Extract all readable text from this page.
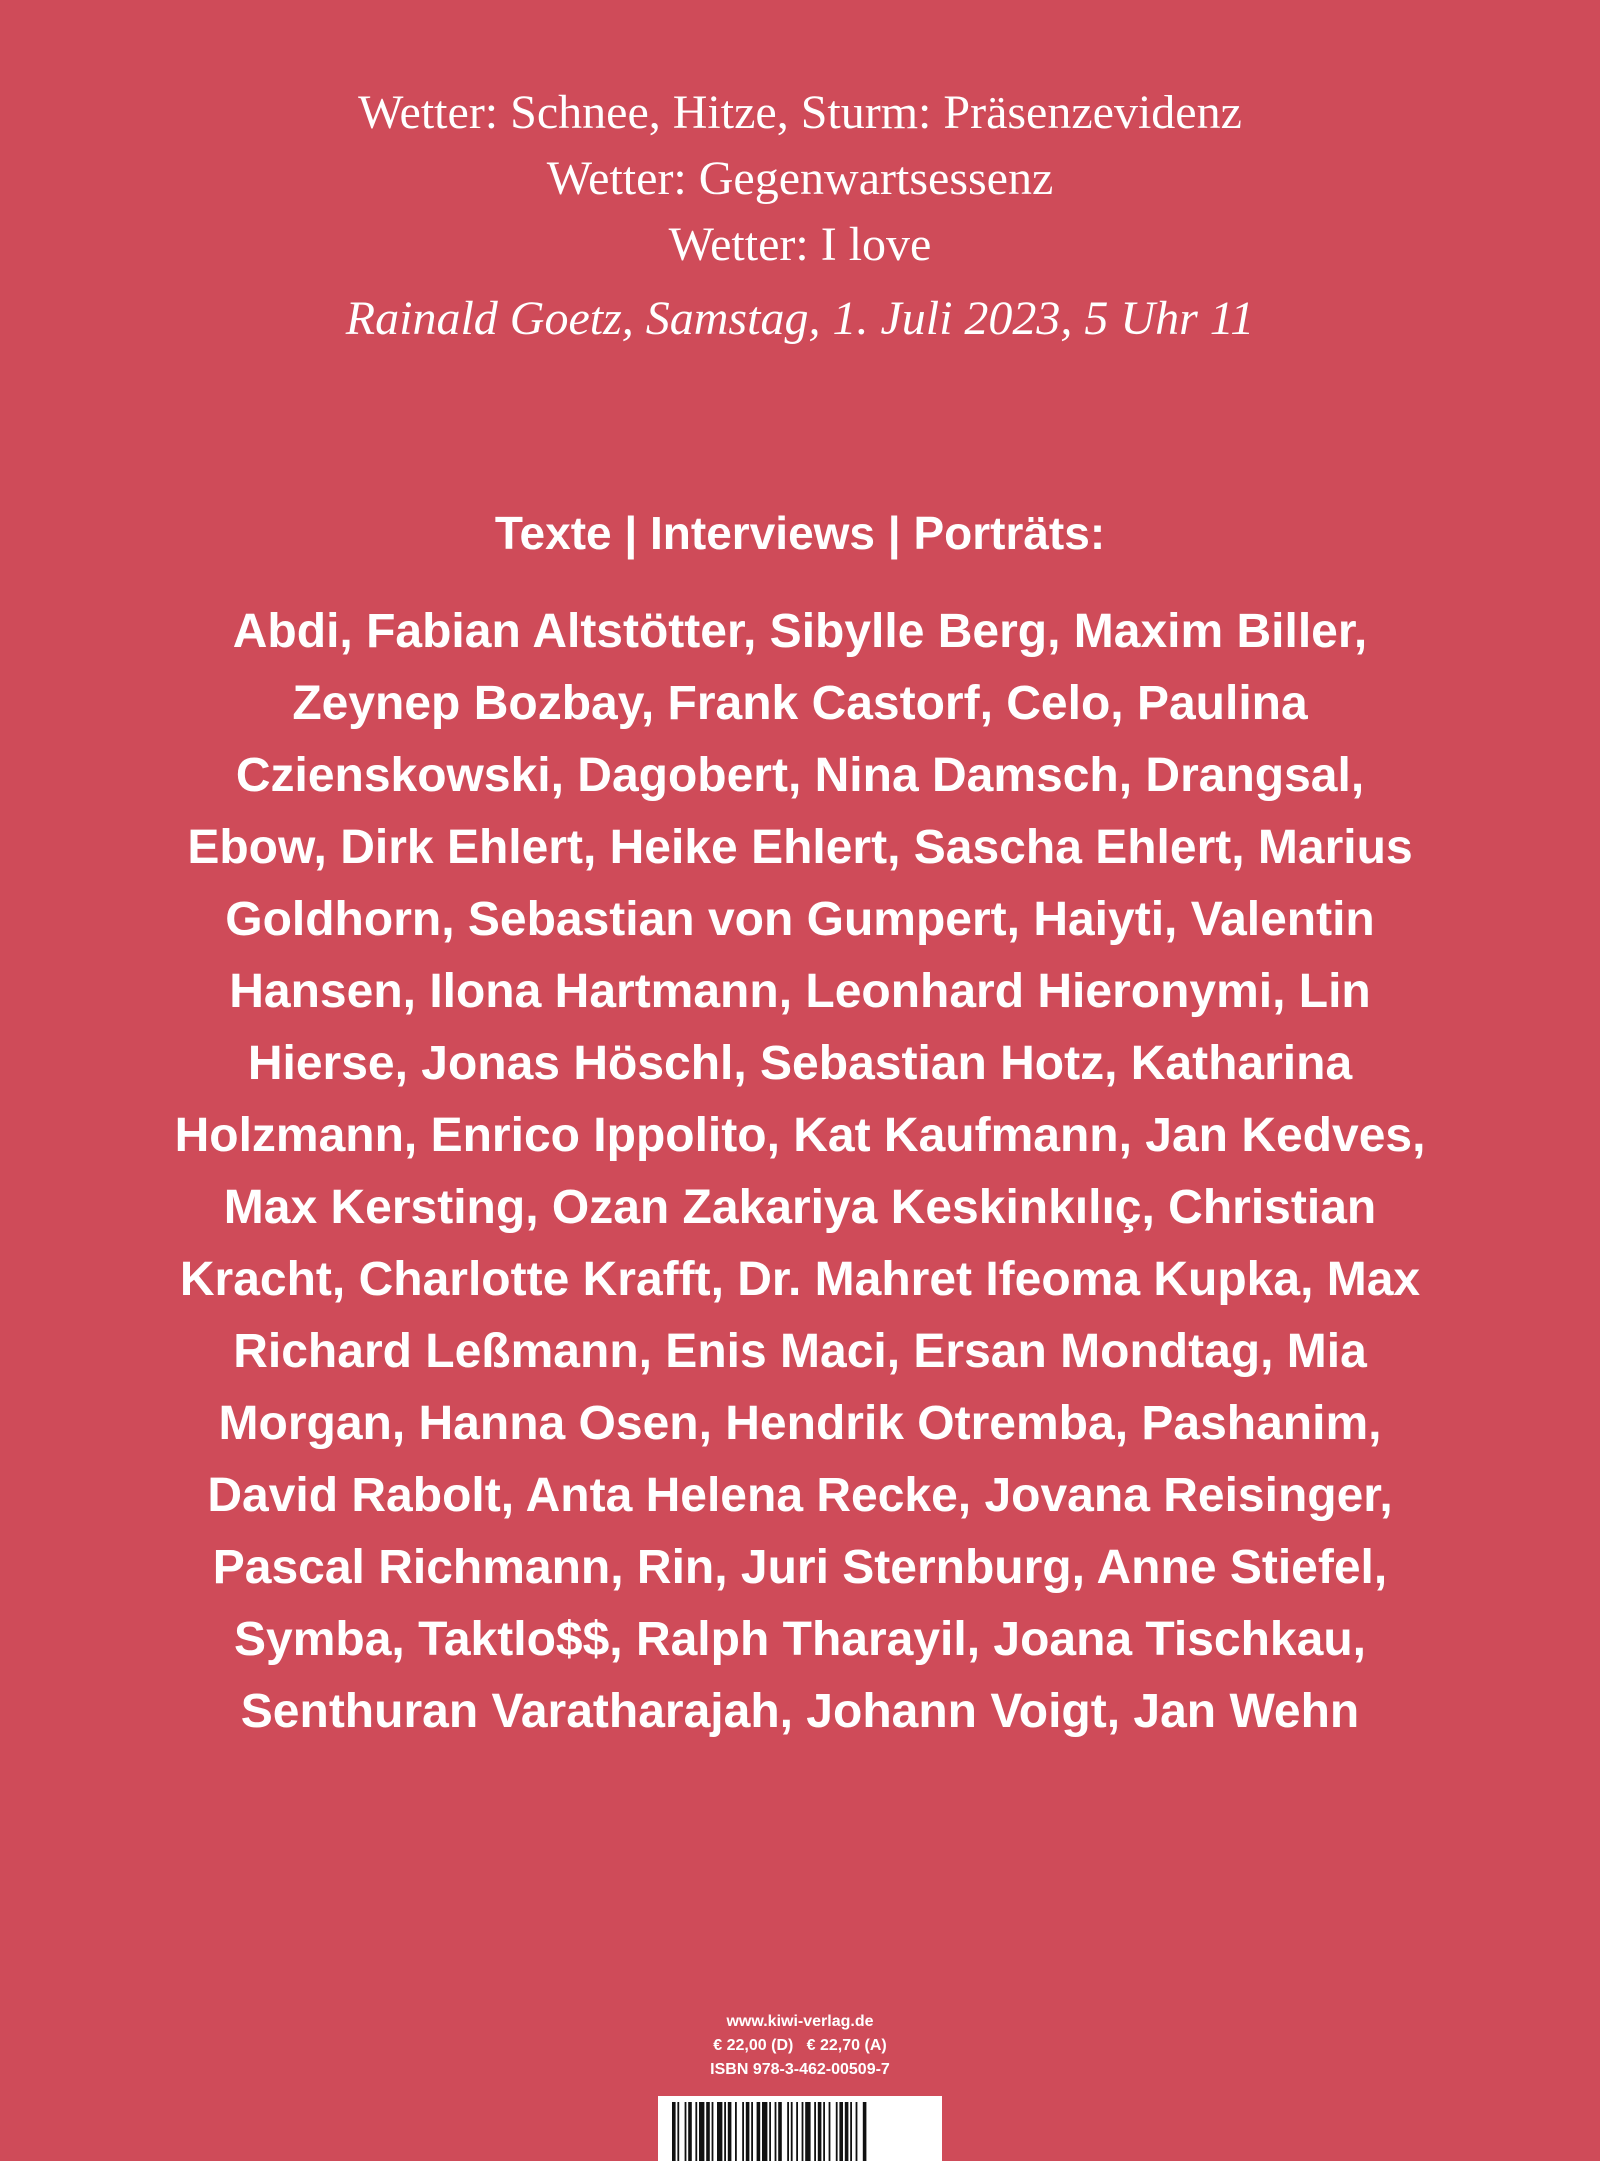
Wetter: Schnee, Hitze, Sturm: Präsenzevidenz
Wetter: Gegenwartsessenz
Wetter: I love
Rainald Goetz, Samstag, 1. Juli 2023, 5 Uhr 11

Texte | Interviews | Porträts:

Abdi, Fabian Altstötter, Sibylle Berg, Maxim Biller, Zeynep Bozbay, Frank Castorf, Celo, Paulina Czienskowski, Dagobert, Nina Damsch, Drangsal, Ebow, Dirk Ehlert, Heike Ehlert, Sascha Ehlert, Marius Goldhorn, Sebastian von Gumpert, Haiyti, Valentin Hansen, Ilona Hartmann, Leonhard Hieronymi, Lin Hierse, Jonas Höschl, Sebastian Hotz, Katharina Holzmann, Enrico Ippolito, Kat Kaufmann, Jan Kedves, Max Kersting, Ozan Zakariya Keskinkılıç, Christian Kracht, Charlotte Krafft, Dr. Mahret Ifeoma Kupka, Max Richard Leßmann, Enis Maci, Ersan Mondtag, Mia Morgan, Hanna Osen, Hendrik Otremba, Pashanim, David Rabolt, Anta Helena Recke, Jovana Reisinger, Pascal Richmann, Rin, Juri Sternburg, Anne Stiefel, Symba, Taktlo$$, Ralph Tharayil, Joana Tischkau, Senthuran Varatharajah, Johann Voigt, Jan Wehn

www.kiwi-verlag.de
€ 22,00 (D)   € 22,70 (A)
ISBN 978-3-462-00509-7
